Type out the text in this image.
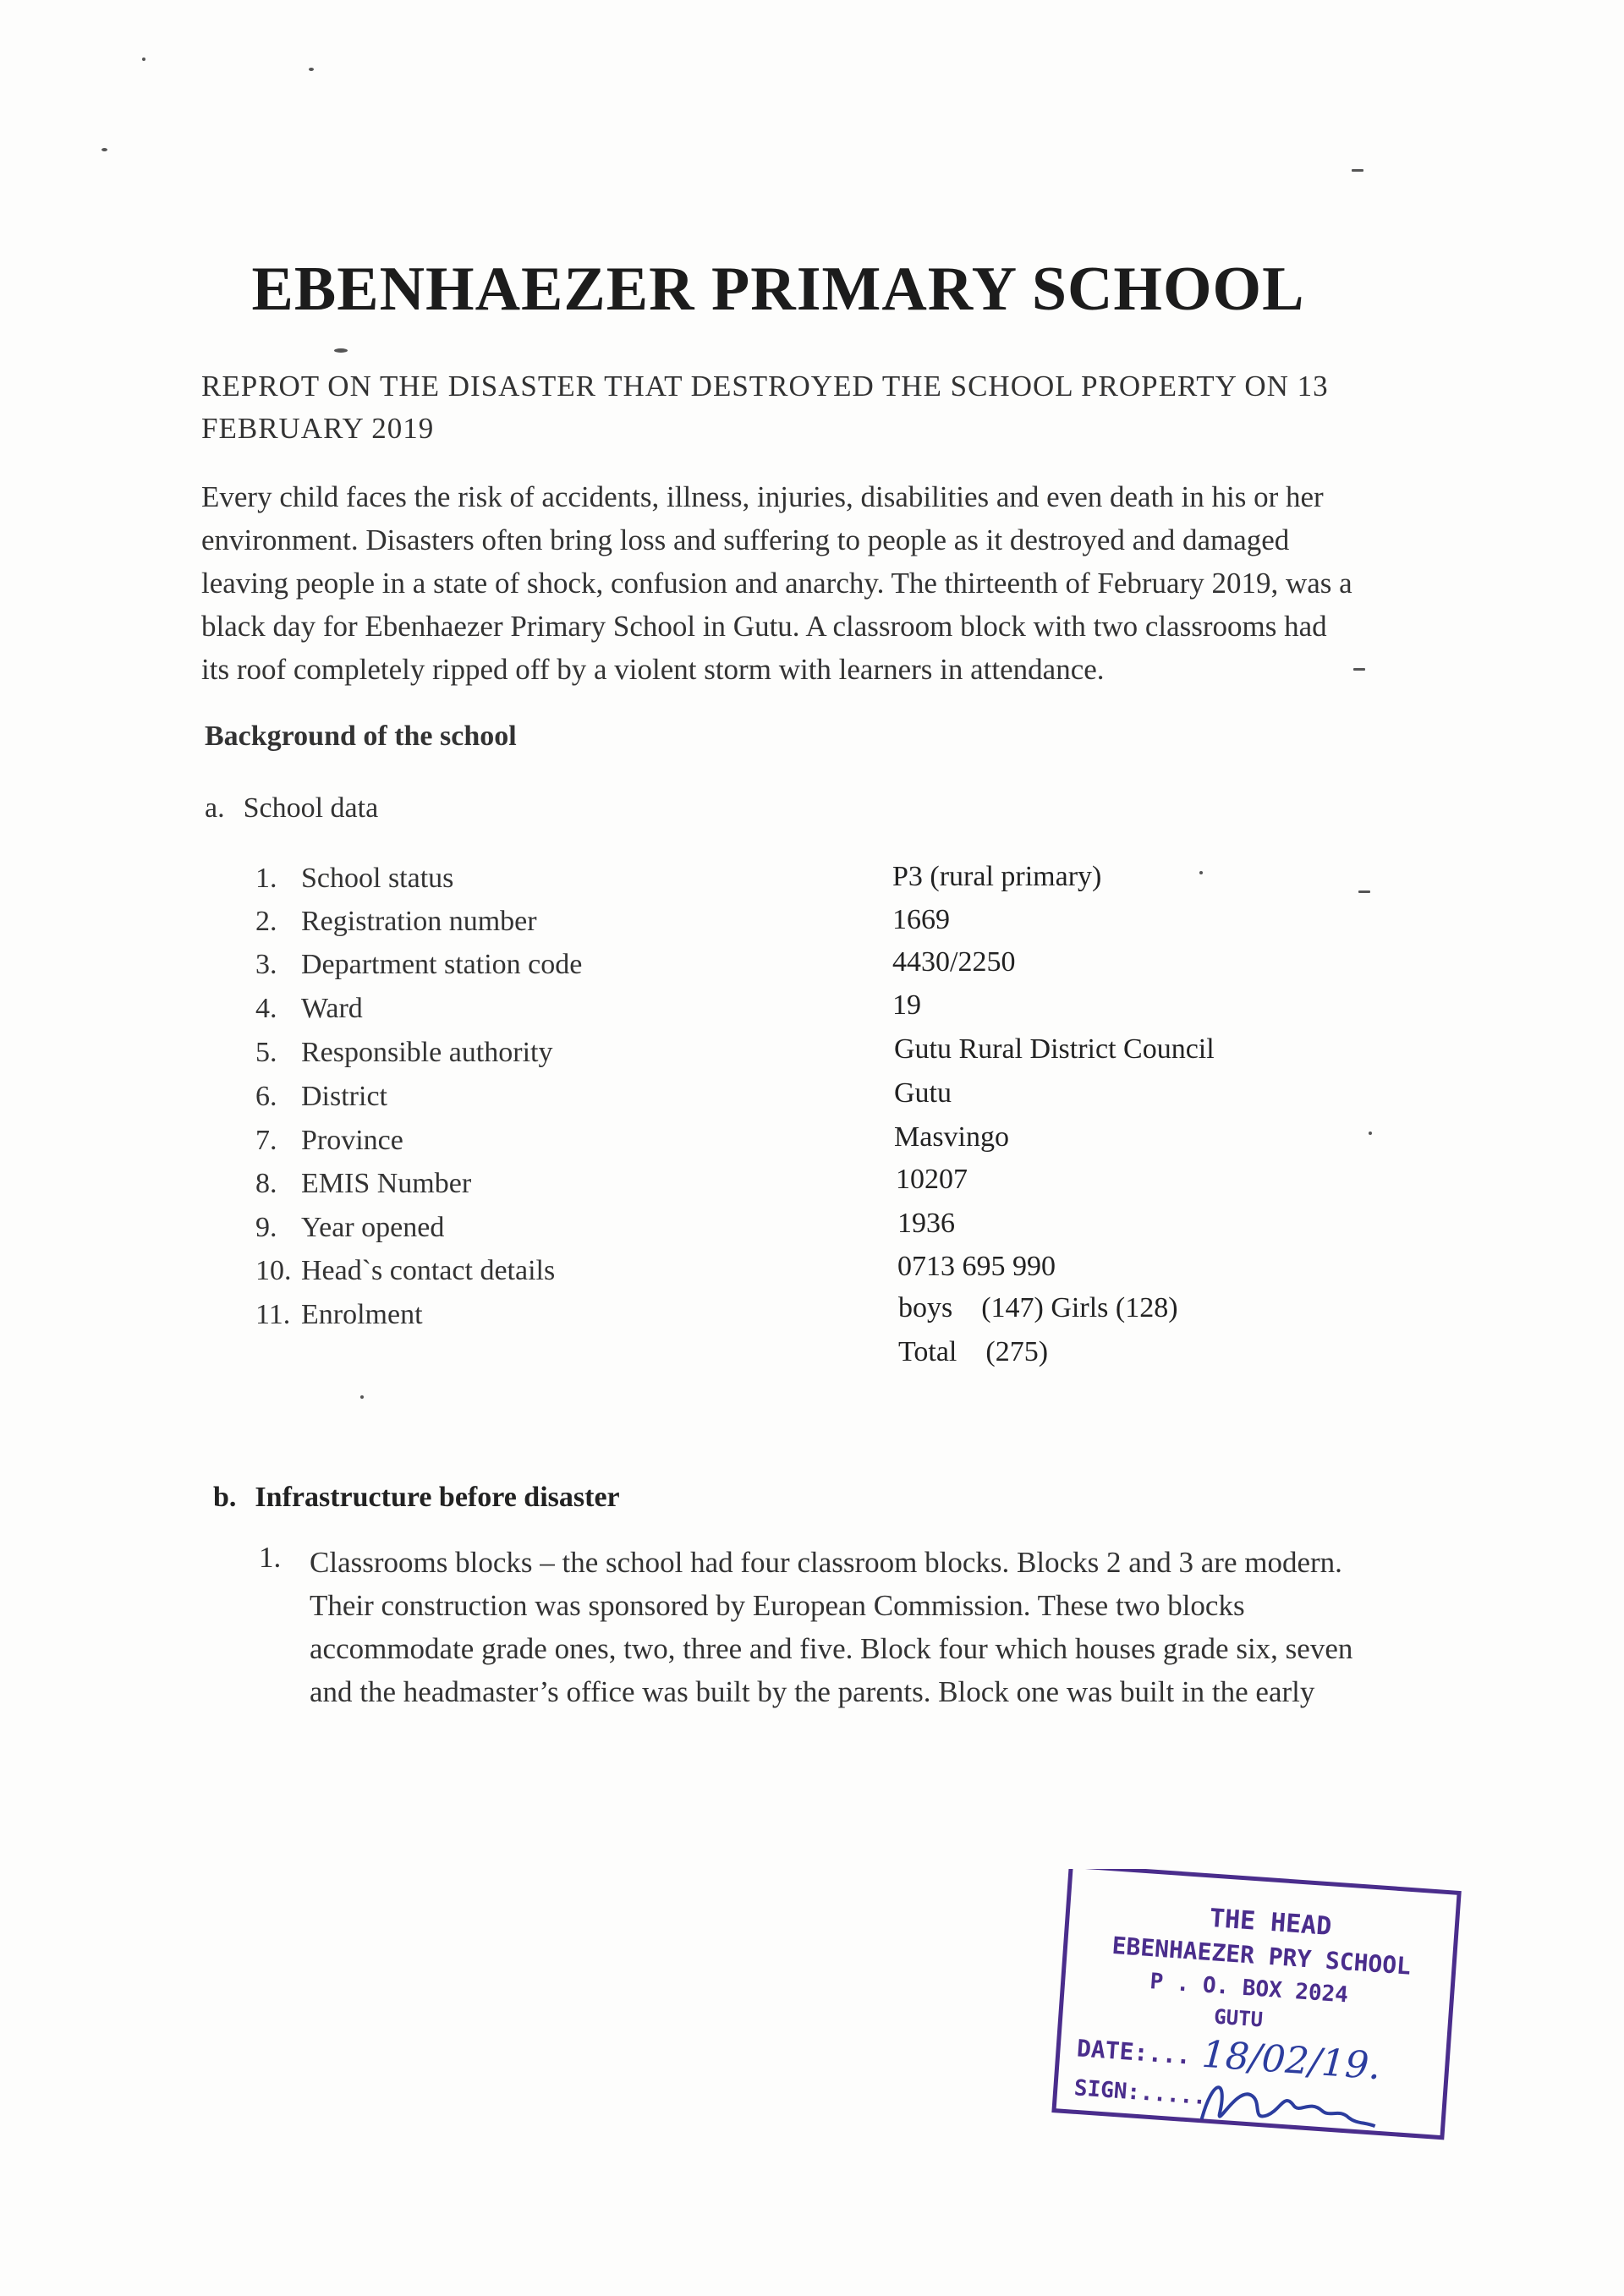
EBENHAEZER PRIMARY SCHOOL
REPROT ON THE DISASTER THAT DESTROYED THE SCHOOL PROPERTY ON 13
FEBRUARY 2019
Every child faces the risk of accidents, illness, injuries, disabilities and even death in his or her
environment. Disasters often bring loss and suffering to people as it destroyed and damaged
leaving people in a state of shock, confusion and anarchy. The thirteenth of February 2019, was a
black day for Ebenhaezer Primary School in Gutu. A classroom block with two classrooms had
its roof completely ripped off by a violent storm with learners in attendance.
Background of the school
a. School data
1. School status	P3 (rural primary)
2. Registration number	1669
3. Department station code	4430/2250
4. Ward	19
5. Responsible authority	Gutu Rural District Council
6. District	Gutu
7. Province	Masvingo
8. EMIS Number	10207
9. Year opened	1936
10. Head`s contact details	0713 695 990
11. Enrolment	boys    (147) Girls (128)
Total    (275)
b. Infrastructure before disaster
1. Classrooms blocks – the school had four classroom blocks. Blocks 2 and 3 are modern.
Their construction was sponsored by European Commission. These two blocks
accommodate grade ones, two, three and five. Block four which houses grade six, seven
and the headmaster’s office was built by the parents. Block one was built in the early
THE HEAD
EBENHAEZER PRY SCHOOL
P . O. BOX 2024
GUTU
DATE:... 18/02/19.
SIGN:.....
